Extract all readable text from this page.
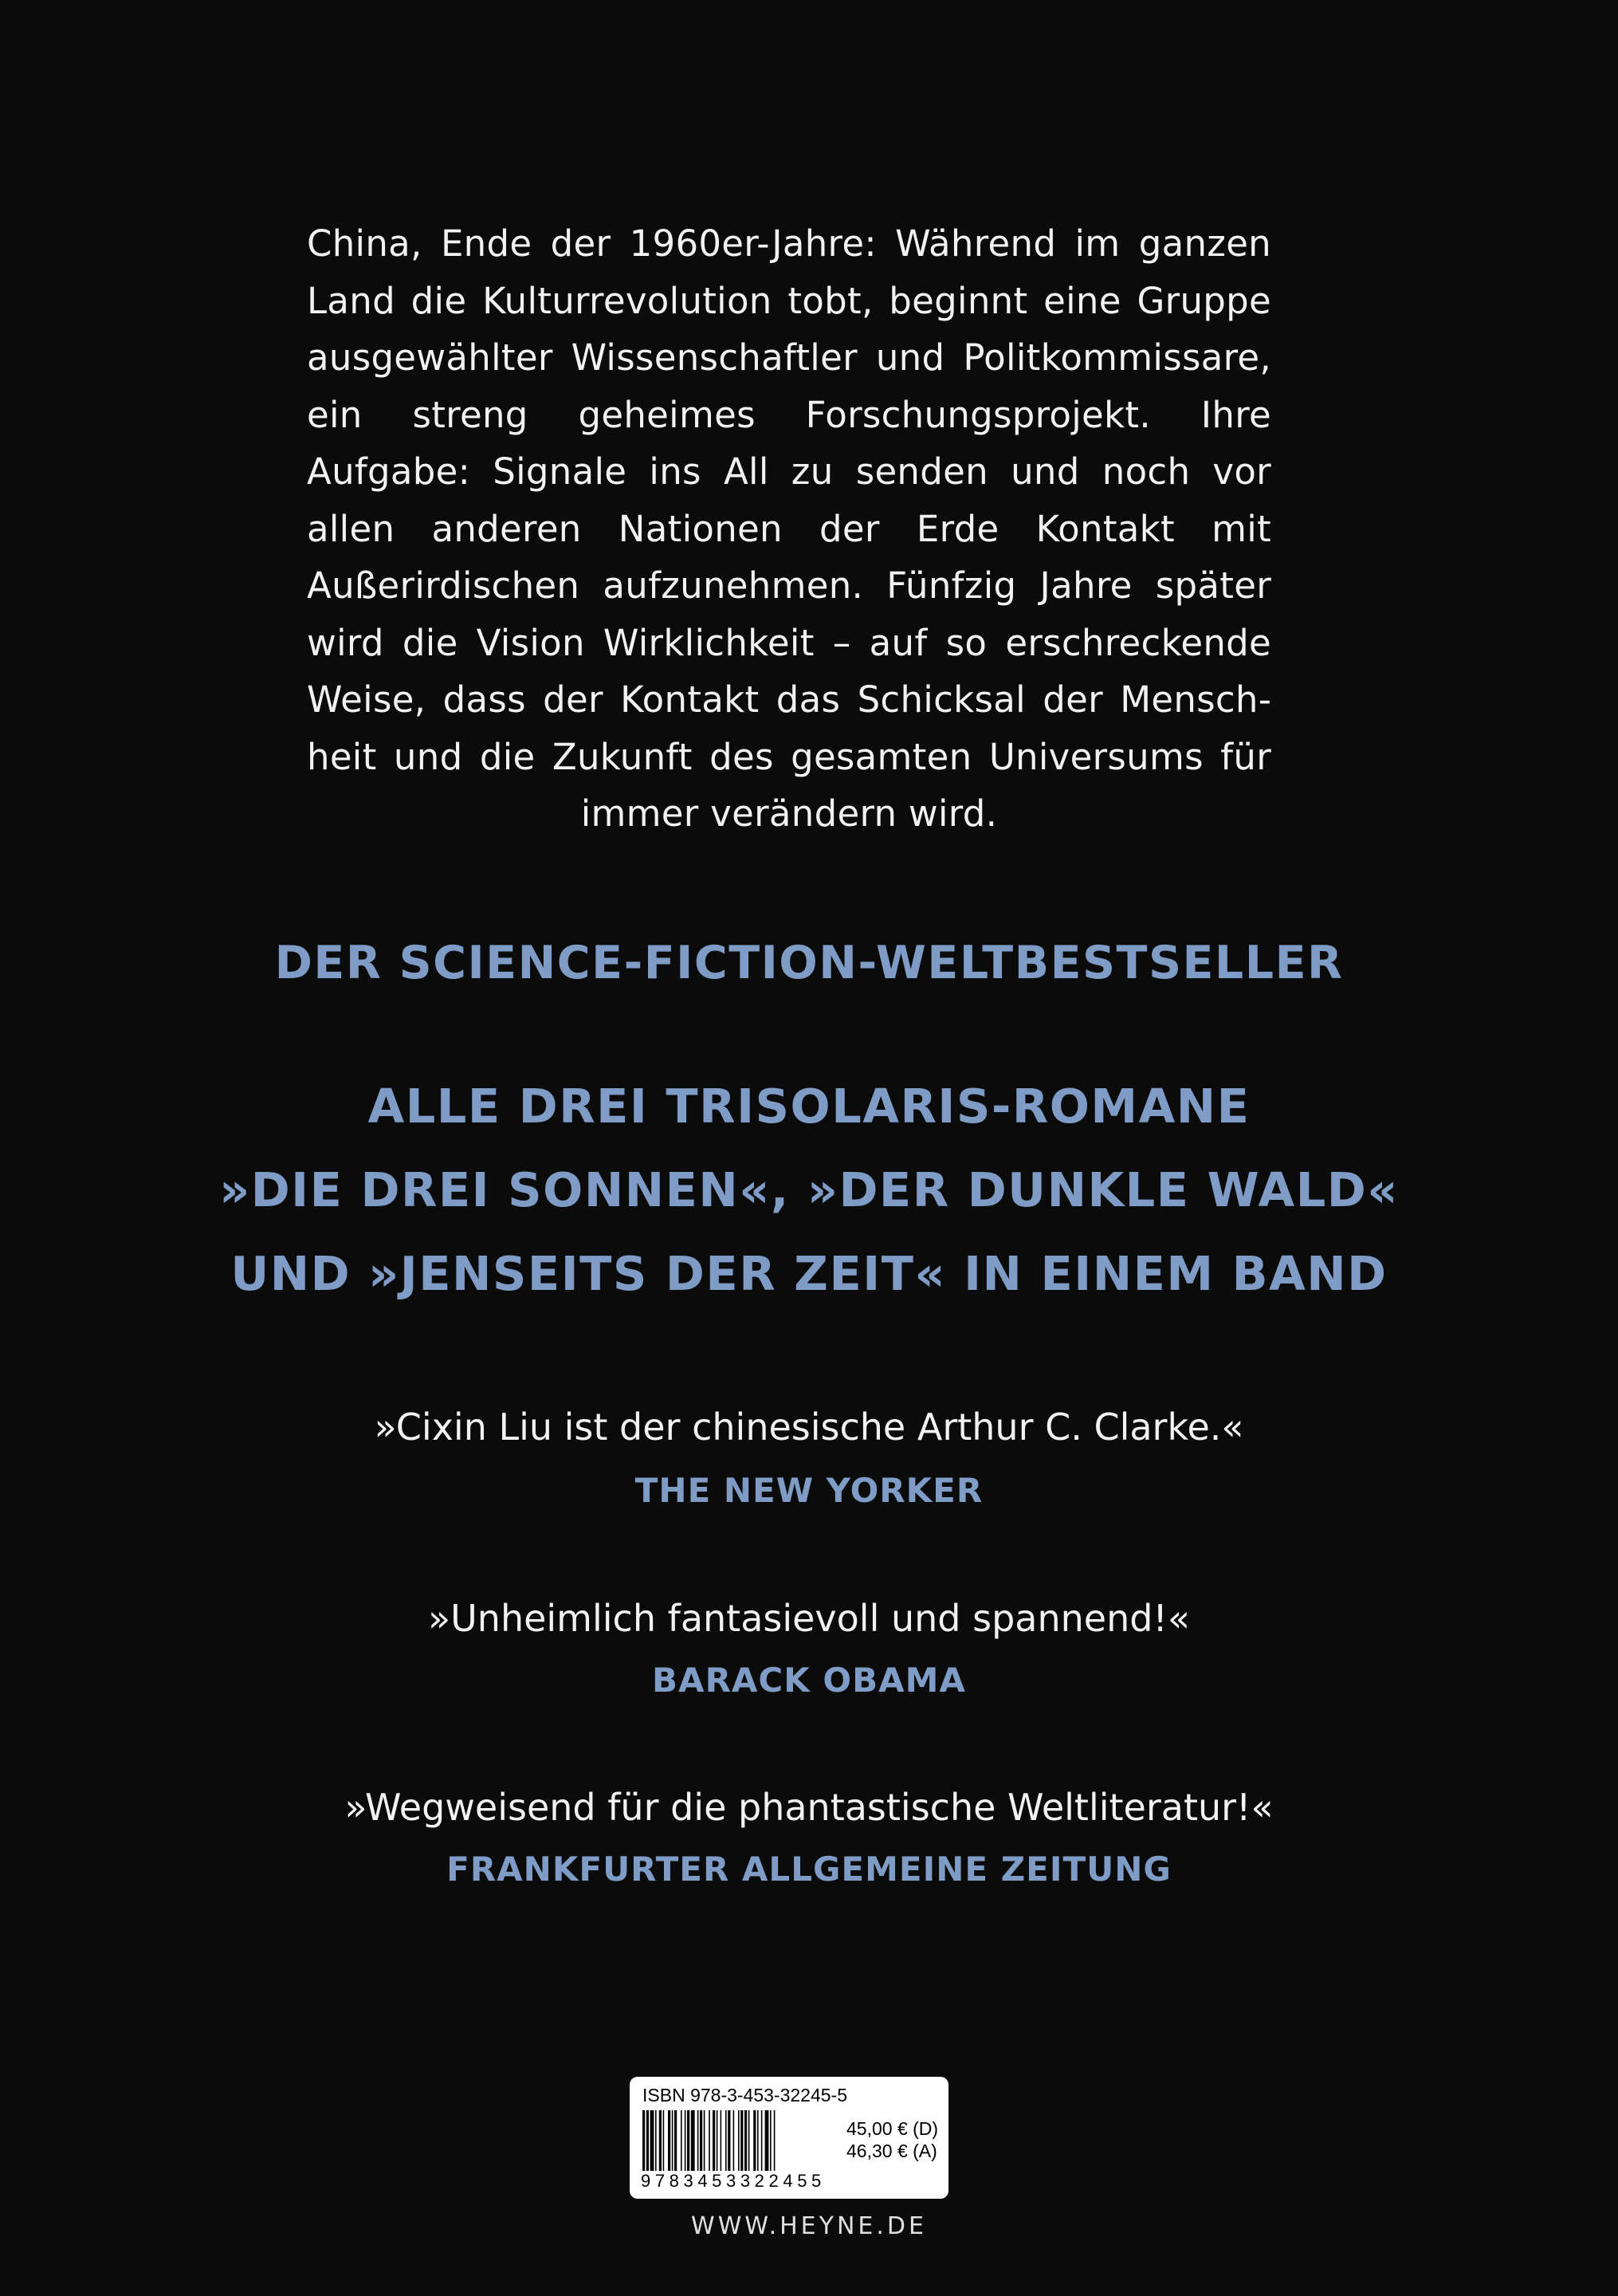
China, Ende der 1960er-Jahre: Während im ganzen Land die Kulturrevolution tobt, beginnt eine Gruppe ausgewählter Wissenschaftler und Politkommissare, ein streng geheimes Forschungsprojekt. Ihre Aufgabe: Signale ins All zu senden und noch vor allen anderen Nationen der Erde Kontakt mit Außerirdischen aufzunehmen. Fünfzig Jahre später wird die Vision Wirklichkeit – auf so erschreckende Weise, dass der Kontakt das Schicksal der Menschheit und die Zukunft des gesamten Universums für immer verändern wird.
DER SCIENCE-FICTION-WELTBESTSELLER
ALLE DREI TRISOLARIS-ROMANE
»DIE DREI SONNEN«, »DER DUNKLE WALD«
UND »JENSEITS DER ZEIT« IN EINEM BAND
»Cixin Liu ist der chinesische Arthur C. Clarke.«
THE NEW YORKER
»Unheimlich fantasievoll und spannend!«
BARACK OBAMA
»Wegweisend für die phantastische Weltliteratur!«
FRANKFURTER ALLGEMEINE ZEITUNG
ISBN 978-3-453-32245-5
9783453322455
45,00 € (D)
46,30 € (A)
WWW.HEYNE.DE
